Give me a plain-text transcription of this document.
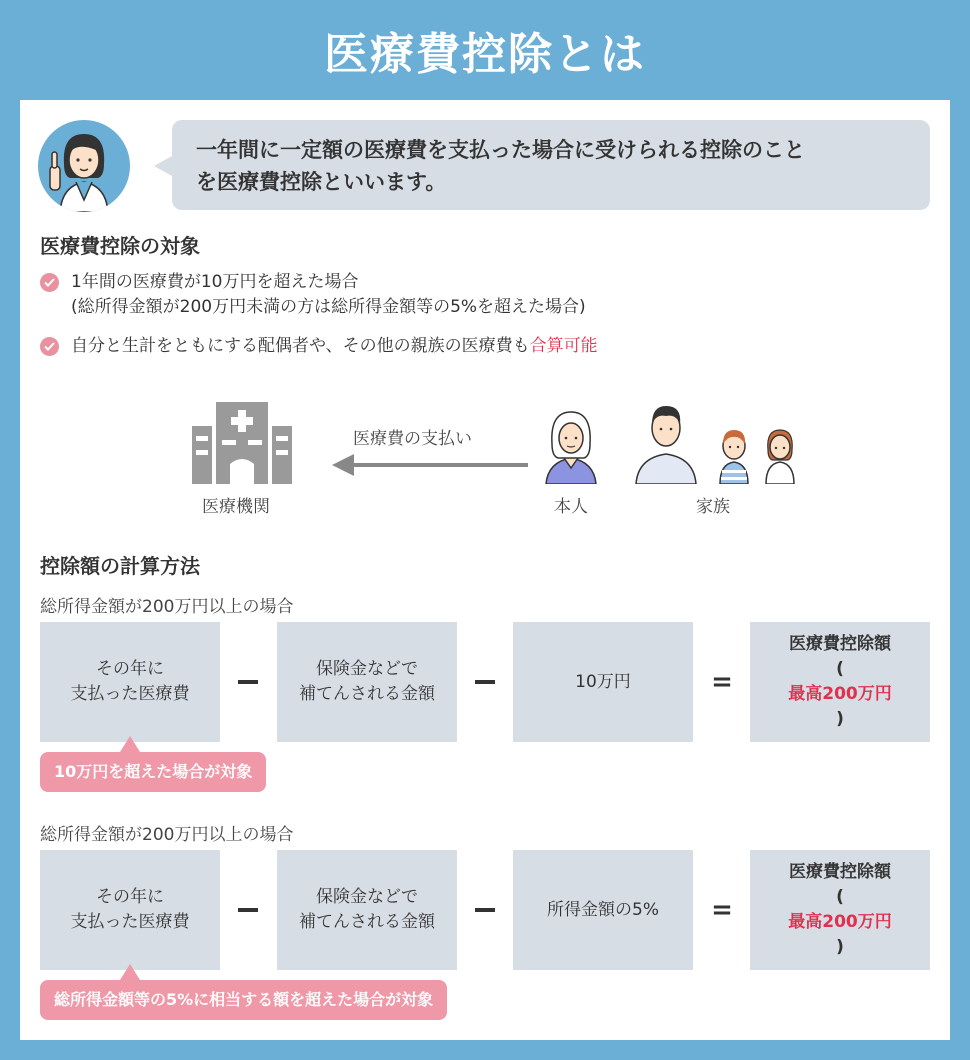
医療費控除とは
一年間に一定額の医療費を支払った場合に受けられる控除のこと
を医療費控除といいます。
医療費控除の対象
1年間の医療費が10万円を超えた場合
(総所得金額が200万円未満の方は総所得金額等の5%を超えた場合)
自分と生計をともにする配偶者や、その他の親族の医療費も合算可能
医療機関
医療費の支払い
本人	家族
控除額の計算方法
総所得金額が200万円以上の場合
その年に
支払った医療費
保険金などで
補てんされる金額
10万円	=
医療費控除額
(
最高200万円
)
10万円を超えた場合が対象
総所得金額が200万円以上の場合
その年に
支払った医療費
保険金などで
補てんされる金額
所得金額の5% =
医療費控除額
(
最高200万円
)
総所得金額等の5%に相当する額を超えた場合が対象
